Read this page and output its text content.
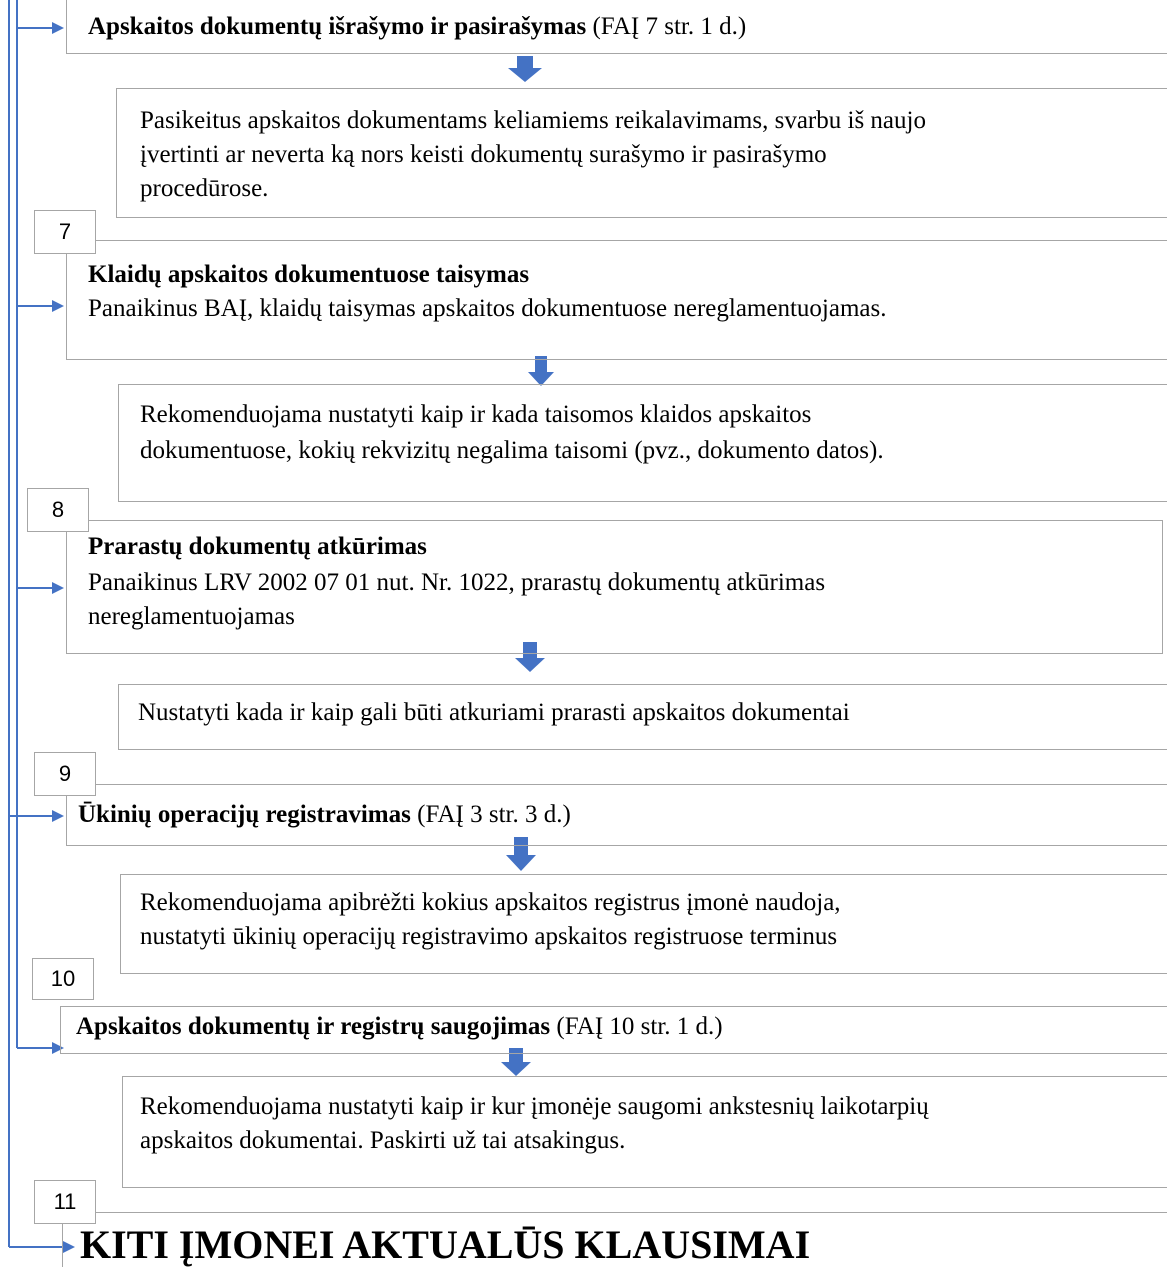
Apskaitos dokumentų išrašymo ir pasirašymas (FAĮ 7 str. 1 d.)
Pasikeitus apskaitos dokumentams keliamiems reikalavimams, svarbu iš naujo
įvertinti ar neverta ką nors keisti dokumentų surašymo ir pasirašymo
procedūrose.
7
Klaidų apskaitos dokumentuose taisymas
Panaikinus BAĮ, klaidų taisymas apskaitos dokumentuose nereglamentuojamas.
Rekomenduojama nustatyti kaip ir kada taisomos klaidos apskaitos
dokumentuose, kokių rekvizitų negalima taisomi (pvz., dokumento datos).
8
Prarastų dokumentų atkūrimas
Panaikinus LRV 2002 07 01 nut. Nr. 1022, prarastų dokumentų atkūrimas
nereglamentuojamas
Nustatyti kada ir kaip gali būti atkuriami prarasti apskaitos dokumentai
9
Ūkinių operacijų registravimas (FAĮ 3 str. 3 d.)
Rekomenduojama apibrėžti kokius apskaitos registrus įmonė naudoja,
nustatyti ūkinių operacijų registravimo apskaitos registruose terminus
10
Apskaitos dokumentų ir registrų saugojimas (FAĮ 10 str. 1 d.)
Rekomenduojama nustatyti kaip ir kur įmonėje saugomi ankstesnių laikotarpių
apskaitos dokumentai. Paskirti už tai atsakingus.
11
KITI ĮMONEI AKTUALŪS KLAUSIMAI
